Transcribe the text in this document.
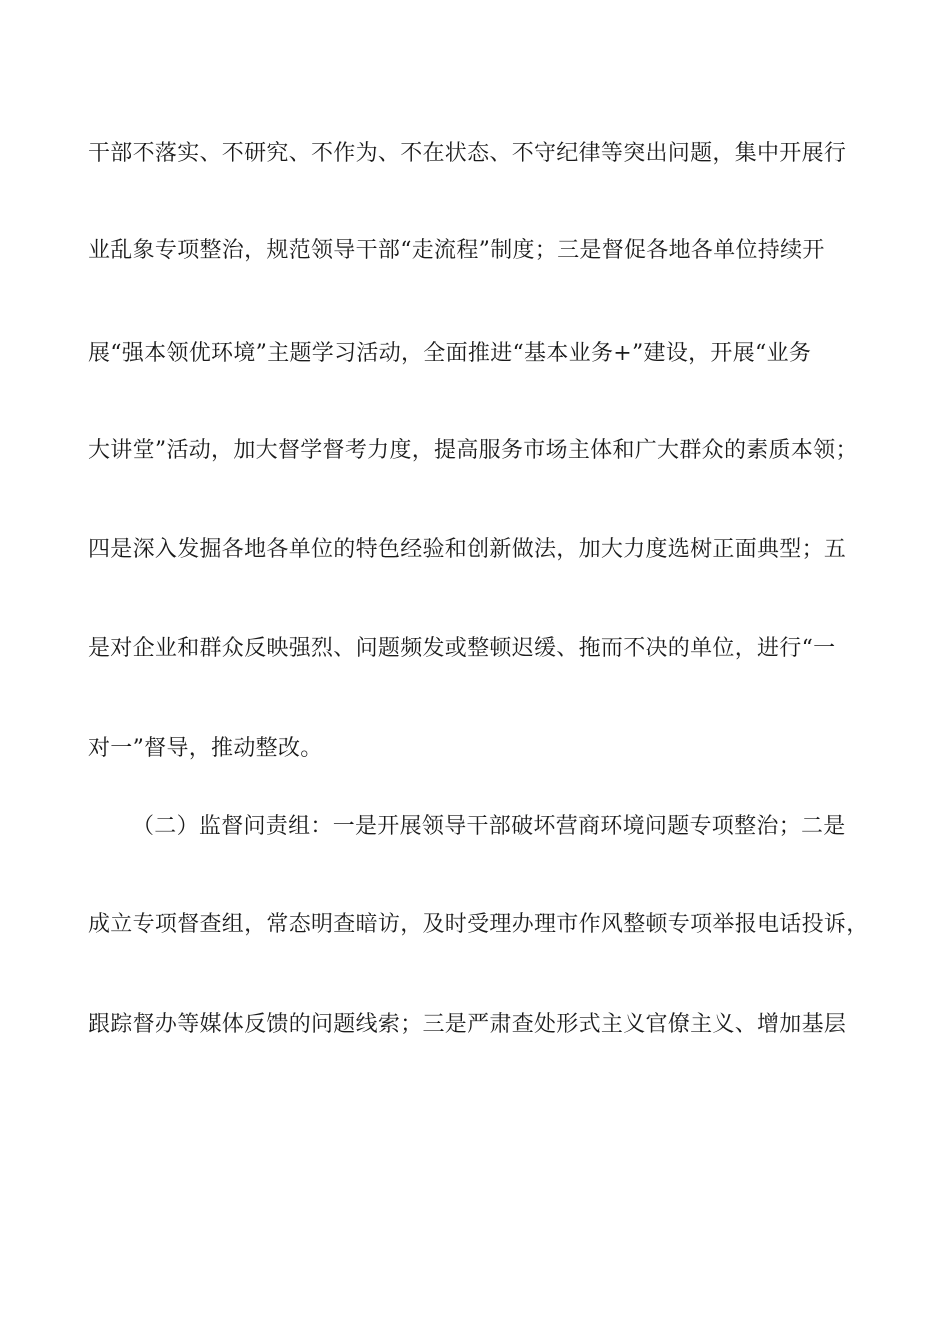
干部不落实、不研究、不作为、不在状态、不守纪律等突出问题，集中开展行
业乱象专项整治，规范领导干部“走流程”制度；三是督促各地各单位持续开
展“强本领优环境”主题学习活动，全面推进“基本业务+”建设，开展“业务
大讲堂”活动，加大督学督考力度，提高服务市场主体和广大群众的素质本领；
四是深入发掘各地各单位的特色经验和创新做法，加大力度选树正面典型；五
是对企业和群众反映强烈、问题频发或整顿迟缓、拖而不决的单位，进行“一
对一”督导，推动整改。
（二）监督问责组：一是开展领导干部破坏营商环境问题专项整治；二是
成立专项督查组，常态明查暗访，及时受理办理市作风整顿专项举报电话投诉，
跟踪督办等媒体反馈的问题线索；三是严肃查处形式主义官僚主义、增加基层
